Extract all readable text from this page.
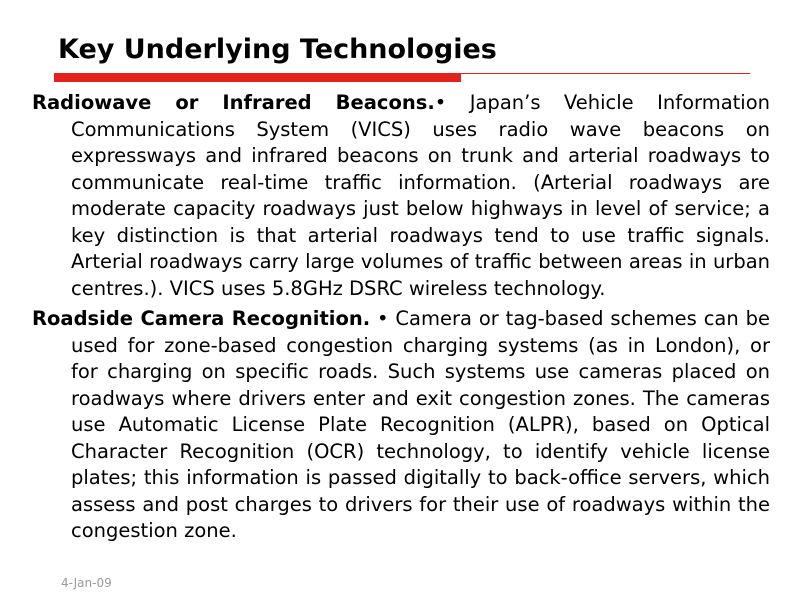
Key Underlying Technologies

Radiowave or Infrared Beacons.• Japan’s Vehicle Information Communications System (VICS) uses radio wave beacons on expressways and infrared beacons on trunk and arterial roadways to communicate real-time traffic information. (Arterial roadways are moderate capacity roadways just below highways in level of service; a key distinction is that arterial roadways tend to use traffic signals. Arterial roadways carry large volumes of traffic between areas in urban centres.). VICS uses 5.8GHz DSRC wireless technology.

Roadside Camera Recognition. • Camera or tag-based schemes can be used for zone-based congestion charging systems (as in London), or for charging on specific roads. Such systems use cameras placed on roadways where drivers enter and exit congestion zones. The cameras use Automatic License Plate Recognition (ALPR), based on Optical Character Recognition (OCR) technology, to identify vehicle license plates; this information is passed digitally to back-office servers, which assess and post charges to drivers for their use of roadways within the congestion zone.

4-Jan-09
